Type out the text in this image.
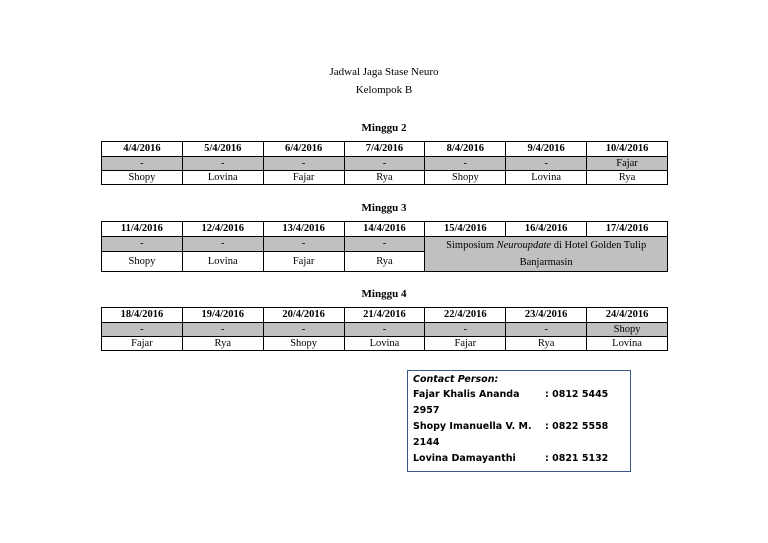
Jadwal Jaga Stase Neuro
Kelompok B
Minggu 2
4/4/2016	5/4/2016	6/4/2016	7/4/2016	8/4/2016	9/4/2016	10/4/2016
-	-	-	-	-	-	Fajar
Shopy	Lovina	Fajar	Rya	Shopy	Lovina	Rya
Minggu 3
11/4/2016	12/4/2016	13/4/2016	14/4/2016	15/4/2016	16/4/2016	17/4/2016
-	-	-	-	Simposium Neuroupdate di Hotel Golden Tulip Banjarmasin		
Shopy	Lovina	Fajar	Rya			
Minggu 4
18/4/2016	19/4/2016	20/4/2016	21/4/2016	22/4/2016	23/4/2016	24/4/2016
-	-	-	-	-	-	Shopy
Fajar	Rya	Shopy	Lovina	Fajar	Rya	Lovina
Contact Person:
Fajar Khalis Ananda	: 0812 5445
2957
Shopy Imanuella V. M. : 0822 5558
2144
Lovina Damayanthi	: 0821 5132
